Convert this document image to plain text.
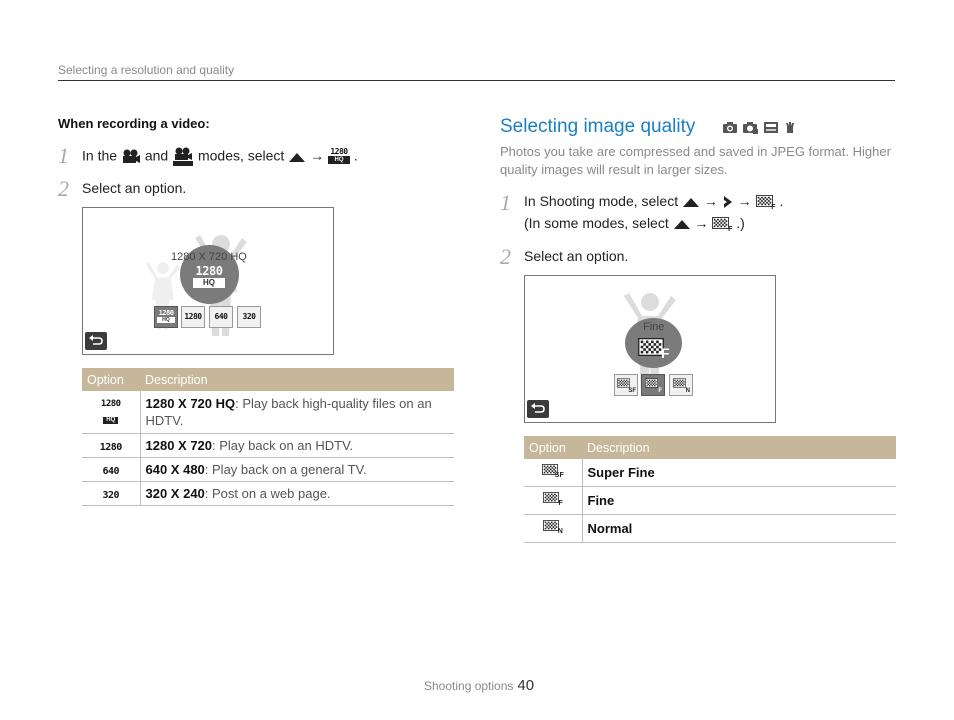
Selecting a resolution and quality
When recording a video:
1 In the and modes, select → 1280
HQ .
2 Select an option.
1280
HQ
1280 X 720 HQ
1280
HQ	1280	640	320
Option	Description

1280
HQ	1280 X 720 HQ: Play back high-quality files on an HDTV.
1280	1280 X 720: Play back on an HDTV.
640	640 X 480: Play back on a general TV.
320	320 X 240: Post on a web page.
Selecting image quality

Photos you take are compressed and saved in JPEG format. Higher quality images will result in larger sizes.
1 In Shooting mode, select → →	F .
(In some modes, select →	F .)
2 Select an option.
F
Fine
SF	F	N
Option	Description

SF	Super Fine

F	Fine

N	Normal
Shooting options 40
